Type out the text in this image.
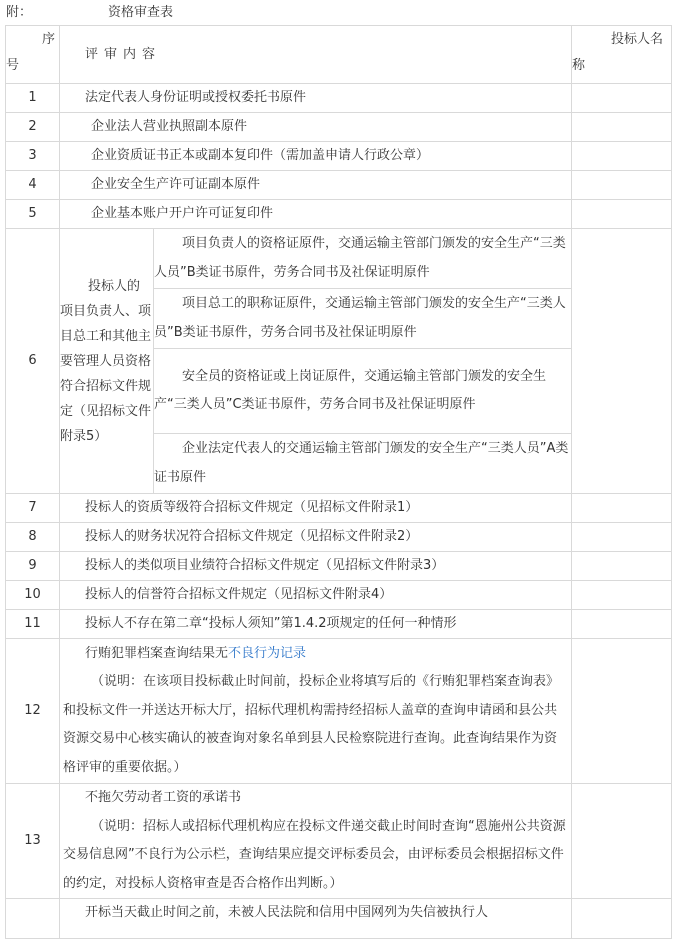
附：	资格审查表
序
号	评审内容		投标人名
称

1	法定代表人身份证明或授权委托书原件		
2	企业法人营业执照副本原件		
3	企业资质证书正本或副本复印件（需加盖申请人行政公章）		
4	企业安全生产许可证副本原件		
5	企业基本账户开户许可证复印件		
6	投标人的项目负责人、项目总工和其他主要管理人员资格符合招标文件规定（见招标文件附录5）	项目负责人的资格证原件，交通运输主管部门颁发的安全生产“三类人员”B类证书原件，劳务合同书及社保证明原件	
		项目总工的职称证原件，交通运输主管部门颁发的安全生产“三类人员”B类证书原件，劳务合同书及社保证明原件	
		安全员的资格证或上岗证原件，交通运输主管部门颁发的安全生产“三类人员”C类证书原件，劳务合同书及社保证明原件	
		企业法定代表人的交通运输主管部门颁发的安全生产“三类人员”A类证书原件	
7	投标人的资质等级符合招标文件规定（见招标文件附录1）		
8	投标人的财务状况符合招标文件规定（见招标文件附录2）		
9	投标人的类似项目业绩符合招标文件规定（见招标文件附录3）		
10	投标人的信誉符合招标文件规定（见招标文件附录4）		
11	投标人不存在第二章“投标人须知”第1.4.2项规定的任何一种情形		
12	行贿犯罪档案查询结果无不良行为记录
（说明：在该项目投标截止时间前，投标企业将填写后的《行贿犯罪档案查询表》和投标文件一并送达开标大厅，招标代理机构需持经招标人盖章的查询申请函和县公共资源交易中心核实确认的被查询对象名单到县人民检察院进行查询。此查询结果作为资格评审的重要依据。）		

13	不拖欠劳动者工资的承诺书
（说明：招标人或招标代理机构应在投标文件递交截止时间时查询“恩施州公共资源交易信息网”不良行为公示栏，查询结果应提交评标委员会，由评标委员会根据招标文件的约定，对投标人资格审查是否合格作出判断。）		

	开标当天截止时间之前，未被人民法院和信用中国网列为失信被执行人		
